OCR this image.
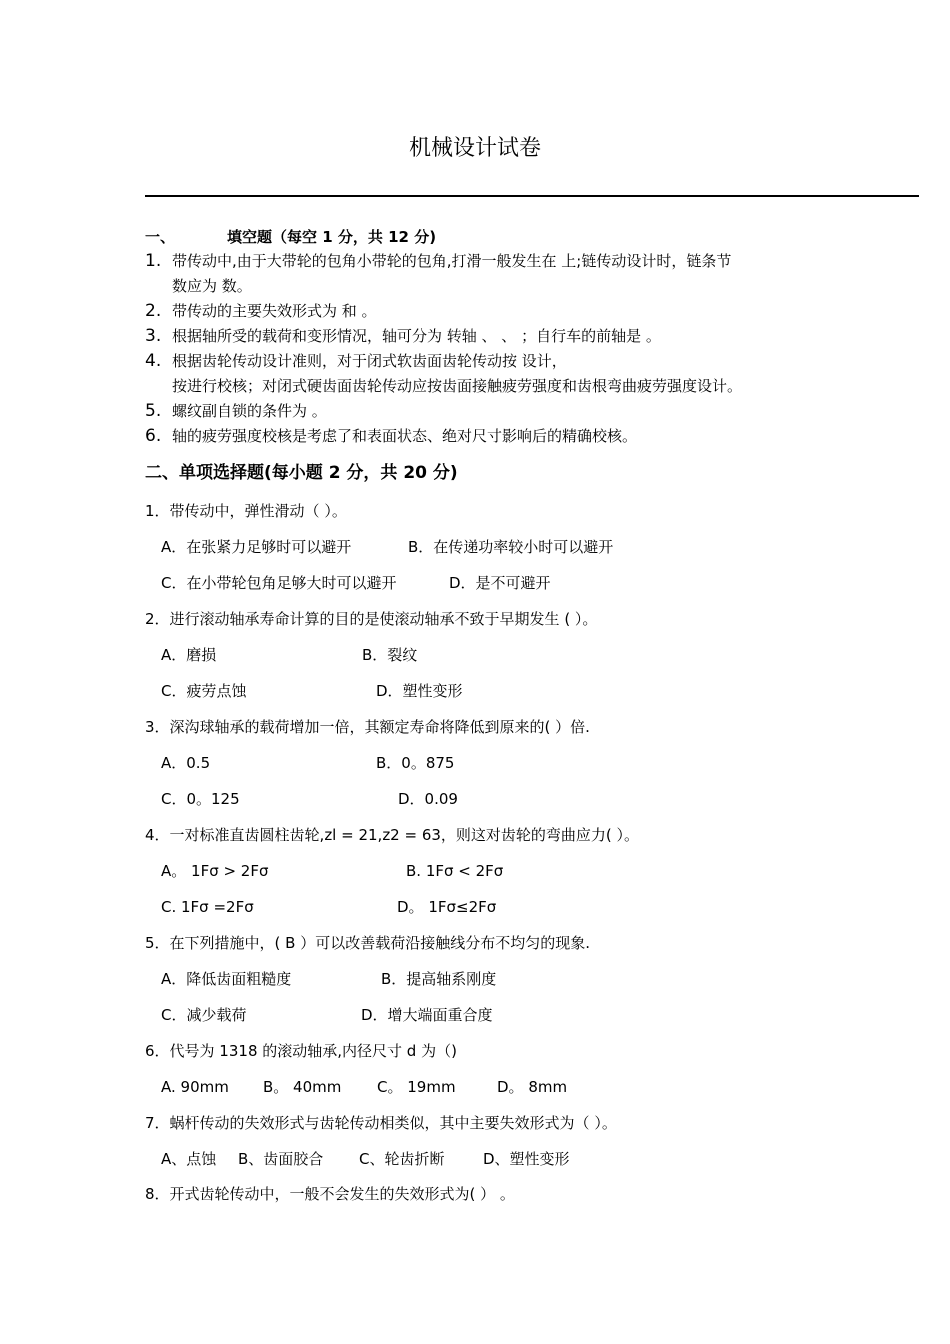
机械设计试卷
一、	填空题（每空 1 分，共 12 分)
1. 带传动中,由于大带轮的包角小带轮的包角,打滑一般发生在 上;链传动设计时，链条节
数应为 数。
2. 带传动的主要失效形式为 和 。
3. 根据轴所受的载荷和变形情况，轴可分为 转轴 、 、 ；自行车的前轴是 。
4. 根据齿轮传动设计准则，对于闭式软齿面齿轮传动按 设计，
按进行校核；对闭式硬齿面齿轮传动应按齿面接触疲劳强度和齿根弯曲疲劳强度设计。
5. 螺纹副自锁的条件为 。
6. 轴的疲劳强度校核是考虑了和表面状态、绝对尺寸影响后的精确校核。
二、单项选择题(每小题 2 分，共 20 分)
1．带传动中，弹性滑动（ ）。
A．在张紧力足够时可以避开	B．在传递功率较小时可以避开
C．在小带轮包角足够大时可以避开	D．是不可避开
2．进行滚动轴承寿命计算的目的是使滚动轴承不致于早期发生 ( ）。
A．磨损	B．裂纹
C．疲劳点蚀	D．塑性变形
3．深沟球轴承的载荷增加一倍，其额定寿命将降低到原来的( ）倍.
A．0.5	B．0。875
C．0。125	D．0.09
4．一对标准直齿圆柱齿轮,zl = 21,z2 = 63，则这对齿轮的弯曲应力( ）。
A。 1Fσ > 2Fσ	B. 1Fσ < 2Fσ
C. 1Fσ =2Fσ	D。 1Fσ≤2Fσ
5．在下列措施中，( B ）可以改善载荷沿接触线分布不均匀的现象.
A．降低齿面粗糙度	B．提高轴系刚度
C．减少载荷	D．增大端面重合度
6．代号为 1318 的滚动轴承,内径尺寸 d 为（)
A. 90mm B。 40mm C。 19mm	D。 8mm
7．蜗杆传动的失效形式与齿轮传动相类似，其中主要失效形式为（ ）。
A、点蚀 B、齿面胶合 C、轮齿折断	D、塑性变形
8．开式齿轮传动中，一般不会发生的失效形式为( ） 。
